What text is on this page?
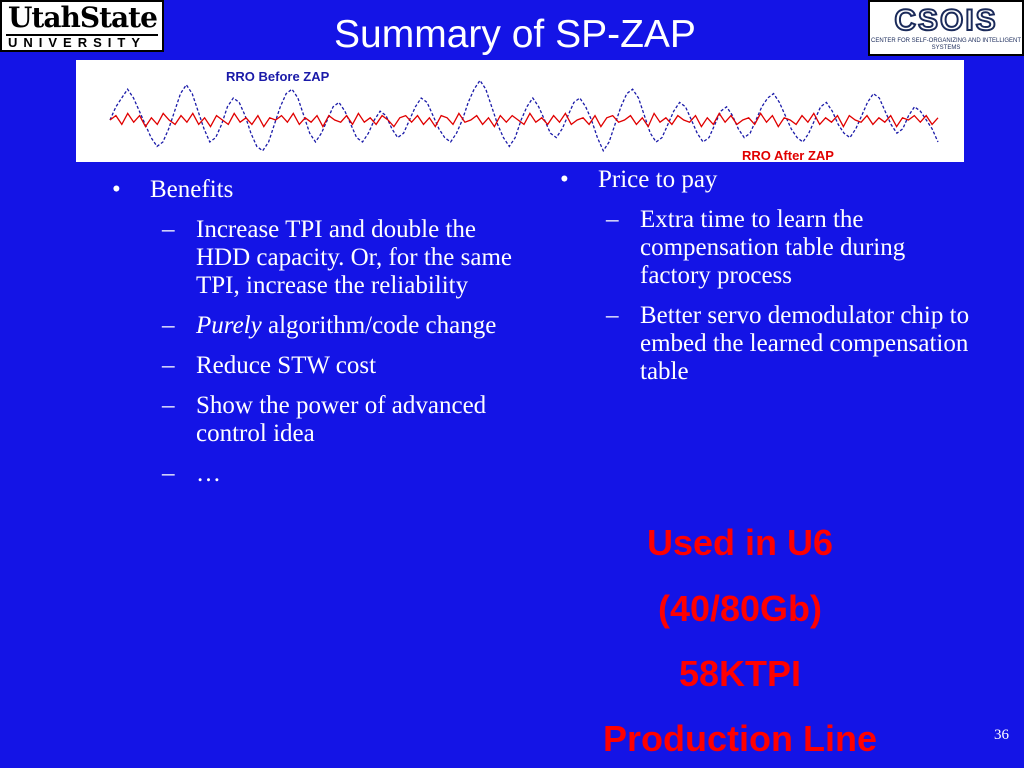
UtahState
UNIVERSITY	Summary of SP-ZAP	CSOIS
CENTER FOR SELF-ORGANIZING AND INTELLIGENT SYSTEMS
RRO Before ZAP
RRO After ZAP
• Benefits
– Increase TPI and double the HDD capacity. Or, for the same TPI, increase the reliability
– Purely algorithm/code change
– Reduce STW cost
– Show the power of advanced control idea
– …
• Price to pay
– Extra time to learn the compensation table during factory process
– Better servo demodulator chip to embed the learned compensation table
Used in U6
(40/80Gb)
58KTPI
Production Line	36
